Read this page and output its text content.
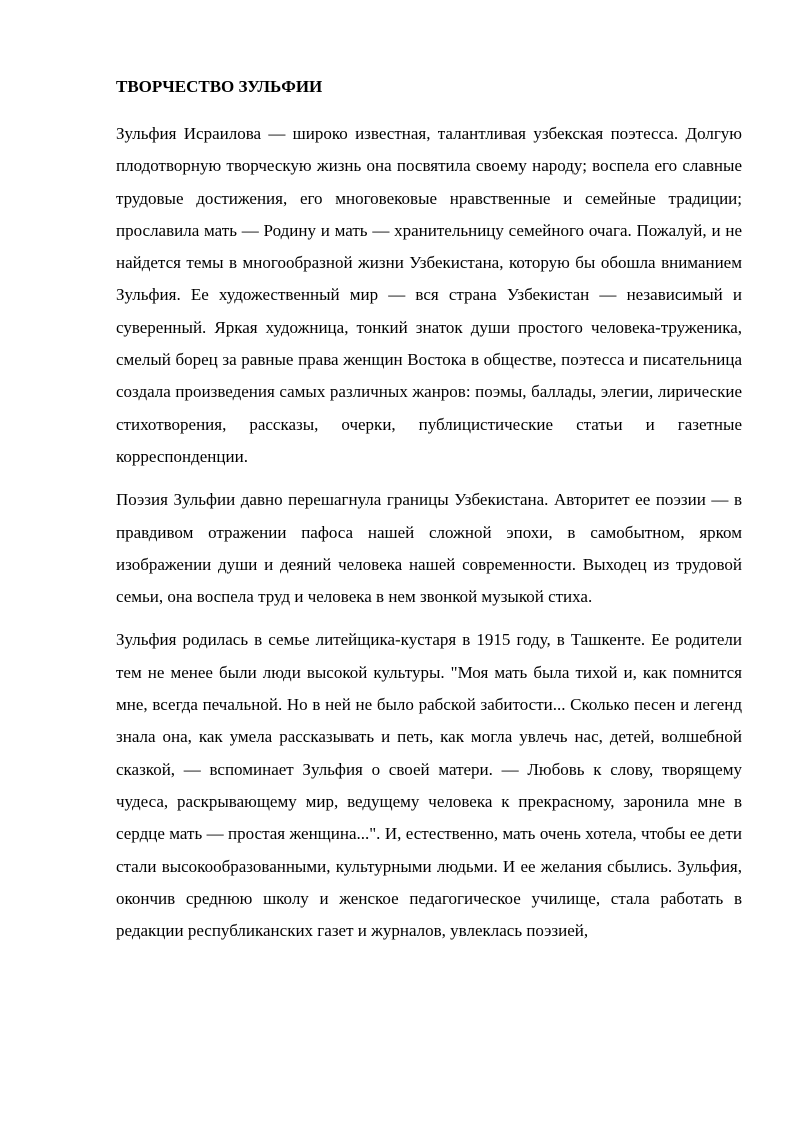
ТВОРЧЕСТВО ЗУЛЬФИИ

Зульфия Исраилова — широко известная, талантливая узбекская поэтесса. Долгую плодотворную творческую жизнь она посвятила своему народу; воспела его славные трудовые достижения, его многовековые нравственные и семейные традиции; прославила мать — Родину и мать — хранительницу семейного очага. Пожалуй, и не найдется темы в многообразной жизни Узбекистана, которую бы обошла вниманием Зульфия. Ее художественный мир — вся страна Узбекистан — независимый и суверенный. Яркая художница, тонкий знаток души простого человека-труженика, смелый борец за равные права женщин Востока в обществе, поэтесса и писательница создала произведения самых различных жанров: поэмы, баллады, элегии, лирические стихотворения, рассказы, очерки, публицистические статьи и газетные корреспонденции.

Поэзия Зульфии давно перешагнула границы Узбекистана. Авторитет ее поэзии — в правдивом отражении пафоса нашей сложной эпохи, в самобытном, ярком изображении души и деяний человека нашей современности. Выходец из трудовой семьи, она воспела труд и человека в нем звонкой музыкой стиха.

Зульфия родилась в семье литейщика-кустаря в 1915 году, в Ташкенте. Ее родители тем не менее были люди высокой культуры. "Моя мать была тихой и, как помнится мне, всегда печальной. Но в ней не было рабской забитости... Сколько песен и легенд знала она, как умела рассказывать и петь, как могла увлечь нас, детей, волшебной сказкой, — вспоминает Зульфия о своей матери. — Любовь к слову, творящему чудеса, раскрывающему мир, ведущему человека к прекрасному, заронила мне в сердце мать — простая женщина...". И, естественно, мать очень хотела, чтобы ее дети стали высокообразованными, культурными людьми. И ее желания сбылись. Зульфия, окончив среднюю школу и женское педагогическое училище, стала работать в редакции республиканских газет и журналов, увлеклась поэзией,
